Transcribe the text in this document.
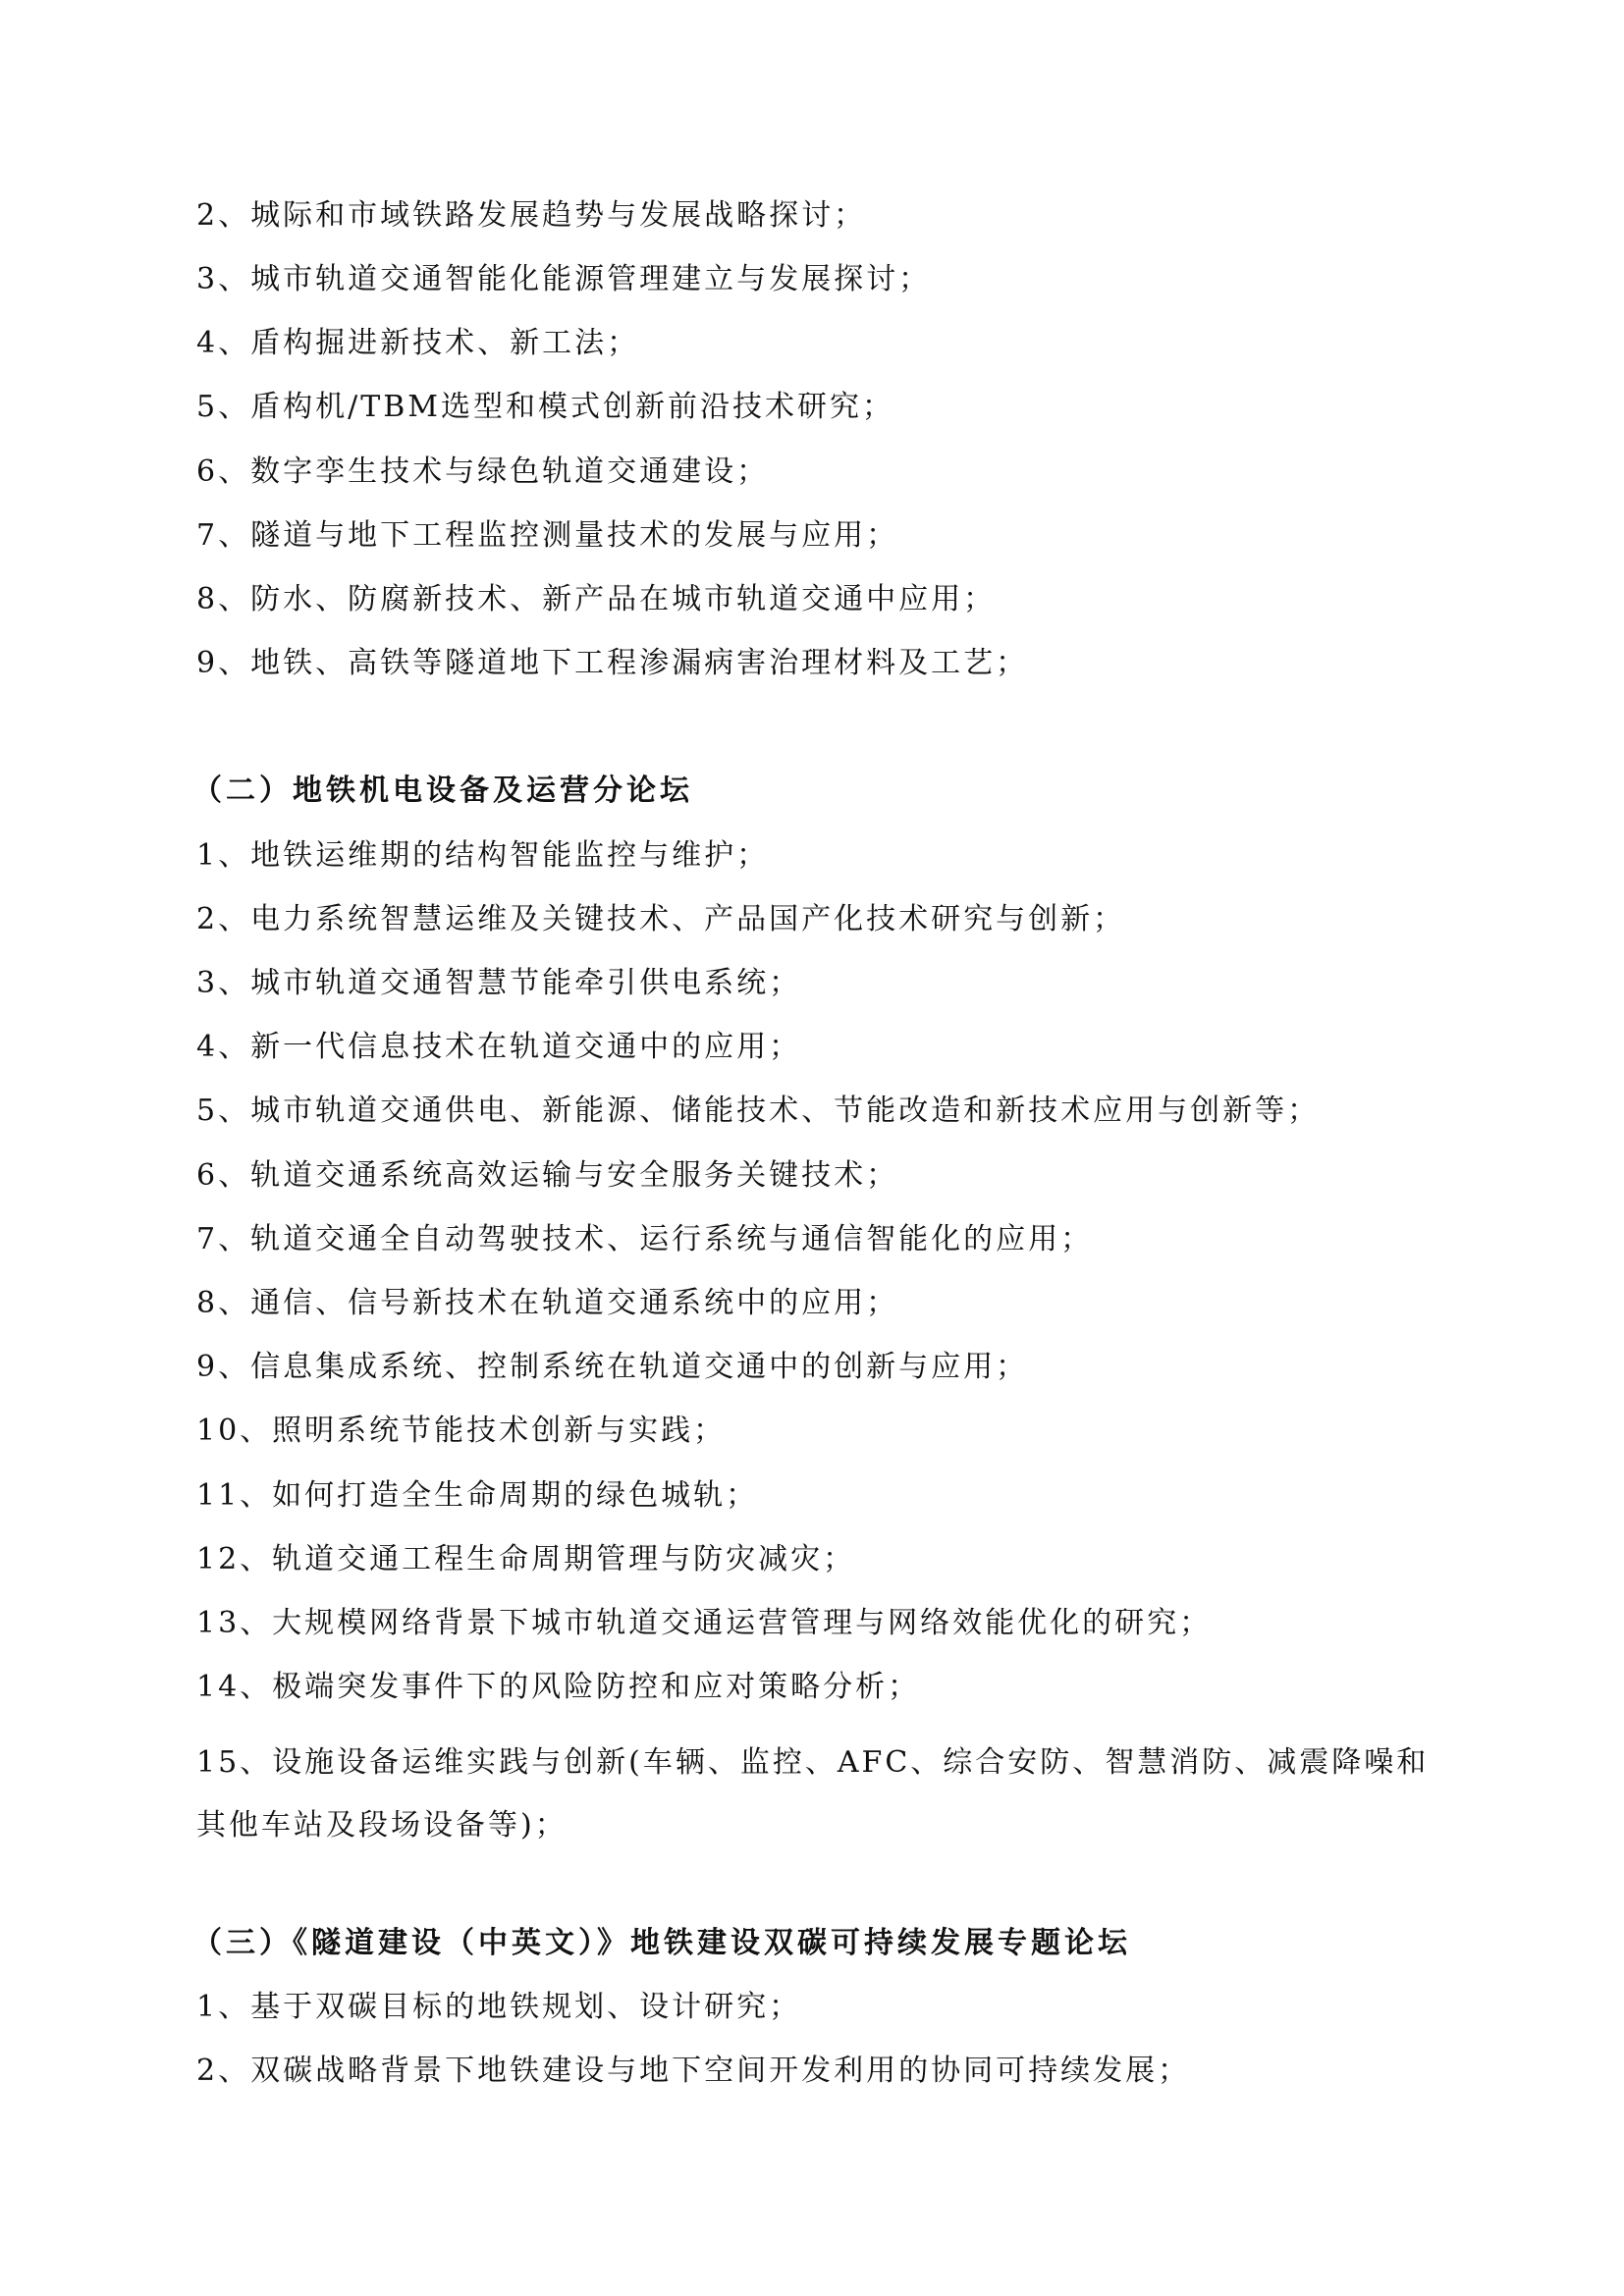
2、城际和市域铁路发展趋势与发展战略探讨；
3、城市轨道交通智能化能源管理建立与发展探讨；
4、盾构掘进新技术、新工法；
5、盾构机/TBM选型和模式创新前沿技术研究；
6、数字孪生技术与绿色轨道交通建设；
7、隧道与地下工程监控测量技术的发展与应用；
8、防水、防腐新技术、新产品在城市轨道交通中应用；
9、地铁、高铁等隧道地下工程渗漏病害治理材料及工艺；
（二）地铁机电设备及运营分论坛
1、地铁运维期的结构智能监控与维护；
2、电力系统智慧运维及关键技术、产品国产化技术研究与创新；
3、城市轨道交通智慧节能牵引供电系统；
4、新一代信息技术在轨道交通中的应用；
5、城市轨道交通供电、新能源、储能技术、节能改造和新技术应用与创新等；
6、轨道交通系统高效运输与安全服务关键技术；
7、轨道交通全自动驾驶技术、运行系统与通信智能化的应用；
8、通信、信号新技术在轨道交通系统中的应用；
9、信息集成系统、控制系统在轨道交通中的创新与应用；
10、照明系统节能技术创新与实践；
11、如何打造全生命周期的绿色城轨；
12、轨道交通工程生命周期管理与防灾减灾；
13、大规模网络背景下城市轨道交通运营管理与网络效能优化的研究；
14、极端突发事件下的风险防控和应对策略分析；
15、设施设备运维实践与创新(车辆、监控、AFC、综合安防、智慧消防、减震降噪和其他车站及段场设备等)；
（三）《隧道建设（中英文）》地铁建设双碳可持续发展专题论坛
1、基于双碳目标的地铁规划、设计研究；
2、双碳战略背景下地铁建设与地下空间开发利用的协同可持续发展；
